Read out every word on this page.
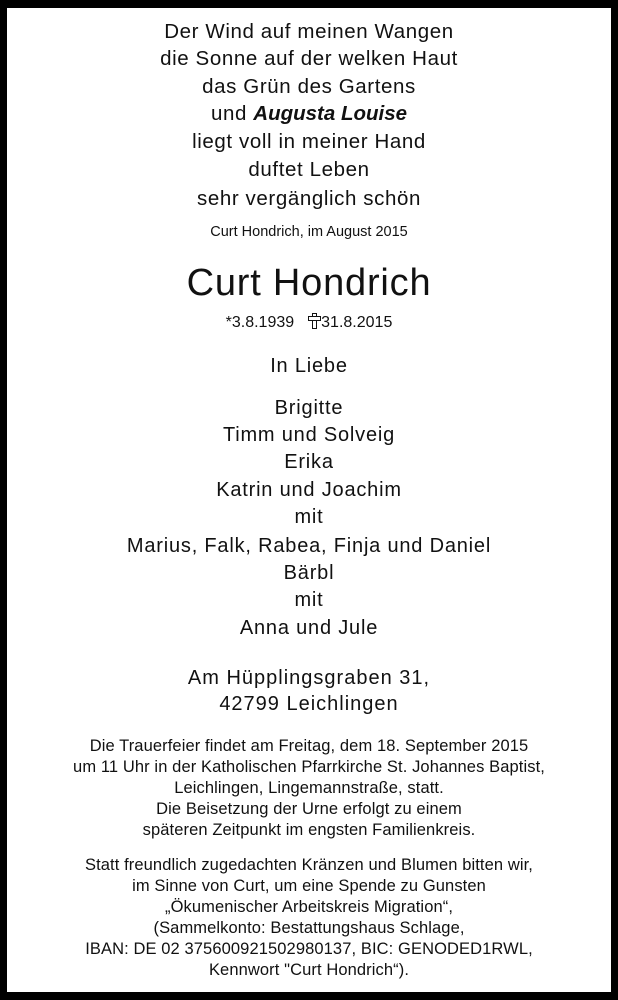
Der Wind auf meinen Wangen
die Sonne auf der welken Haut
das Grün des Gartens
und Augusta Louise
liegt voll in meiner Hand
duftet Leben
sehr vergänglich schön
Curt Hondrich, im August 2015
Curt Hondrich
*3.8.1939 31.8.2015
In Liebe
Brigitte
Timm und Solveig
Erika
Katrin und Joachim
mit
Marius, Falk, Rabea, Finja und Daniel
Bärbl
mit
Anna und Jule
Am Hüpplingsgraben 31,
42799 Leichlingen
Die Trauerfeier findet am Freitag, dem 18. September 2015
um 11 Uhr in der Katholischen Pfarrkirche St. Johannes Baptist,
Leichlingen, Lingemannstraße, statt.
Die Beisetzung der Urne erfolgt zu einem
späteren Zeitpunkt im engsten Familienkreis.
Statt freundlich zugedachten Kränzen und Blumen bitten wir,
im Sinne von Curt, um eine Spende zu Gunsten
„Ökumenischer Arbeitskreis Migration“,
(Sammelkonto: Bestattungshaus Schlage,
IBAN: DE 02 375600921502980137, BIC: GENODED1RWL,
Kennwort "Curt Hondrich“).
